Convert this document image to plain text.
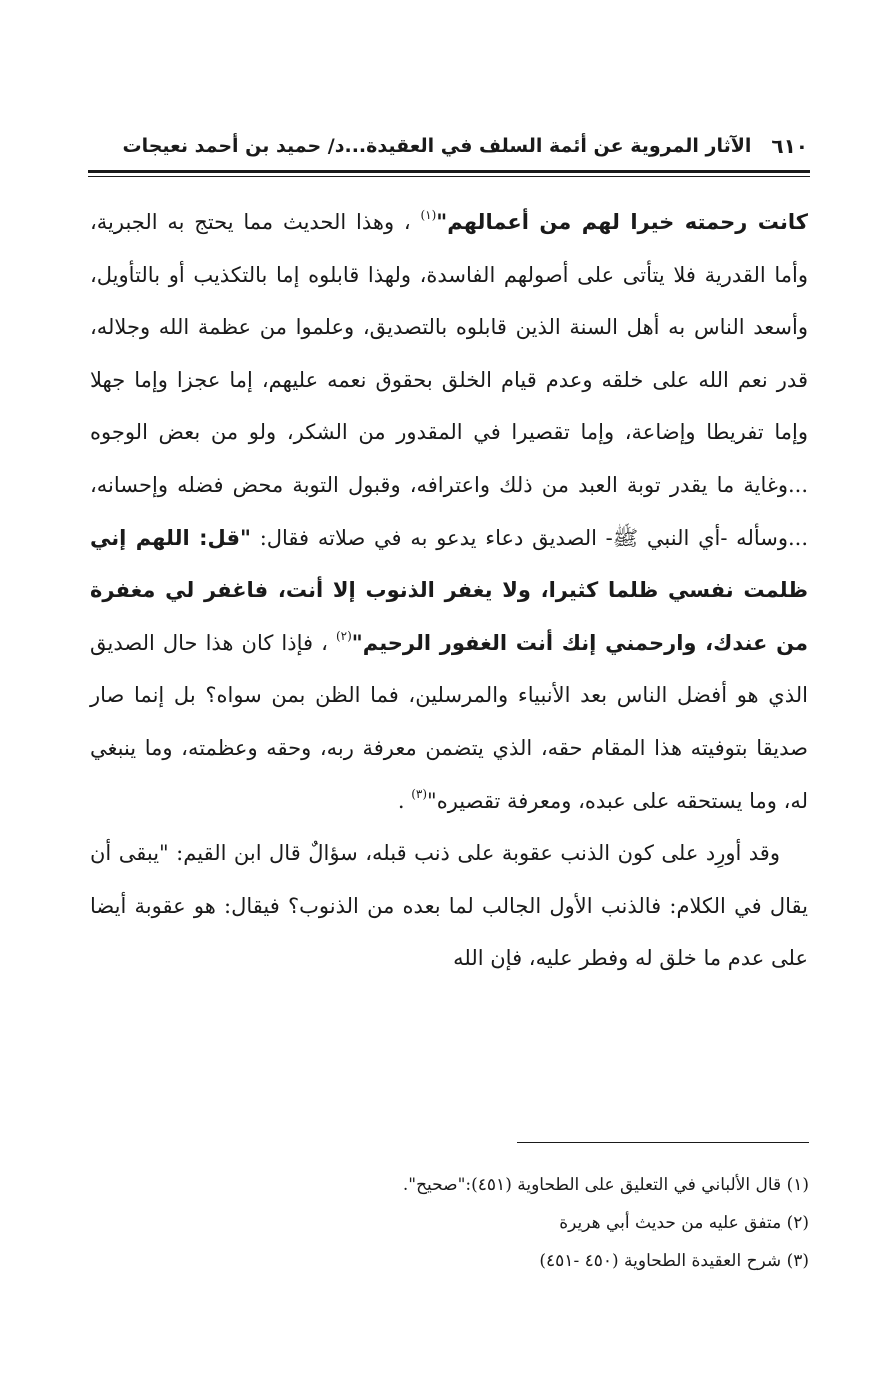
٦١٠
الآثار المروية عن أئمة السلف في العقيدة...د/ حميد بن أحمد نعيجات

كانت رحمته خيرا لهم من أعمالهم"$^{(١)}$ ، وهذا الحديث مما يحتج به الجبرية، وأما القدرية فلا يتأتى على أصولهم الفاسدة، ولهذا قابلوه إما بالتكذيب أو بالتأويل، وأسعد الناس به أهل السنة الذين قابلوه بالتصديق، وعلموا من عظمة الله وجلاله، قدر نعم الله على خلقه وعدم قيام الخلق بحقوق نعمه عليهم، إما عجزا وإما جهلا وإما تفريطا وإضاعة، وإما تقصيرا في المقدور من الشكر، ولو من بعض الوجوه ...وغاية ما يقدر توبة العبد من ذلك واعترافه، وقبول التوبة محض فضله وإحسانه، ...وسأله -أي النبي ﷺ- الصديق دعاء يدعو به في صلاته فقال: "قل: اللهم إني ظلمت نفسي ظلما كثيرا، ولا يغفر الذنوب إلا أنت، فاغفر لي مغفرة من عندك، وارحمني إنك أنت الغفور الرحيم"$^{(٢)}$ ، فإذا كان هذا حال الصديق الذي هو أفضل الناس بعد الأنبياء والمرسلين، فما الظن بمن سواه؟ بل إنما صار صديقا بتوفيته هذا المقام حقه، الذي يتضمن معرفة ربه، وحقه وعظمته، وما ينبغي له، وما يستحقه على عبده، ومعرفة تقصيره"$^{(٣)}$ .

وقد أورِد على كون الذنب عقوبة على ذنب قبله، سؤالٌ قال ابن القيم: "يبقى أن يقال في الكلام: فالذنب الأول الجالب لما بعده من الذنوب؟ فيقال: هو عقوبة أيضا على عدم ما خلق له وفطر عليه، فإن الله

(١) قال الألباني في التعليق على الطحاوية (٤٥١):"صحيح".
(٢) متفق عليه من حديث أبي هريرة
(٣) شرح العقيدة الطحاوية (٤٥٠ -٤٥١)
